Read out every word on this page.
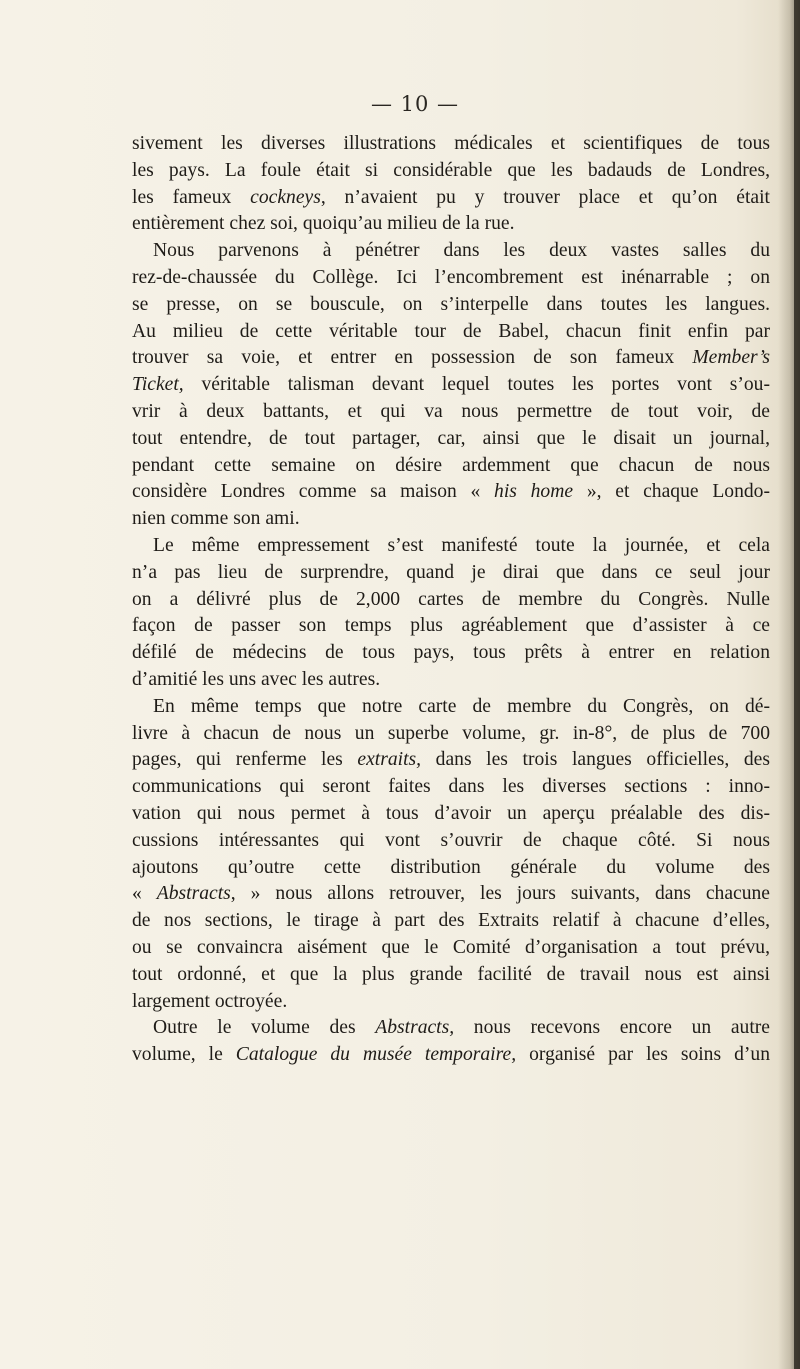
— 10 —
sivement les diverses illustrations médicales et scientifiques de tous
les pays. La foule était si considérable que les badauds de Londres,
les fameux cockneys, n’avaient pu y trouver place et qu’on était
entièrement chez soi, quoiqu’au milieu de la rue.
Nous parvenons à pénétrer dans les deux vastes salles du
rez-de-chaussée du Collège. Ici l’encombrement est inénarrable ; on
se presse, on se bouscule, on s’interpelle dans toutes les langues.
Au milieu de cette véritable tour de Babel, chacun finit enfin par
trouver sa voie, et entrer en possession de son fameux Member’s
Ticket, véritable talisman devant lequel toutes les portes vont s’ou-
vrir à deux battants, et qui va nous permettre de tout voir, de
tout entendre, de tout partager, car, ainsi que le disait un journal,
pendant cette semaine on désire ardemment que chacun de nous
considère Londres comme sa maison « his home », et chaque Londo-
nien comme son ami.
Le même empressement s’est manifesté toute la journée, et cela
n’a pas lieu de surprendre, quand je dirai que dans ce seul jour
on a délivré plus de 2,000 cartes de membre du Congrès. Nulle
façon de passer son temps plus agréablement que d’assister à ce
défilé de médecins de tous pays, tous prêts à entrer en relation
d’amitié les uns avec les autres.
En même temps que notre carte de membre du Congrès, on dé-
livre à chacun de nous un superbe volume, gr. in-8°, de plus de 700
pages, qui renferme les extraits, dans les trois langues officielles, des
communications qui seront faites dans les diverses sections : inno-
vation qui nous permet à tous d’avoir un aperçu préalable des dis-
cussions intéressantes qui vont s’ouvrir de chaque côté. Si nous
ajoutons qu’outre cette distribution générale du volume des
« Abstracts, » nous allons retrouver, les jours suivants, dans chacune
de nos sections, le tirage à part des Extraits relatif à chacune d’elles,
ou se convaincra aisément que le Comité d’organisation a tout prévu,
tout ordonné, et que la plus grande facilité de travail nous est ainsi
largement octroyée.
Outre le volume des Abstracts, nous recevons encore un autre
volume, le Catalogue du musée temporaire, organisé par les soins d’un
